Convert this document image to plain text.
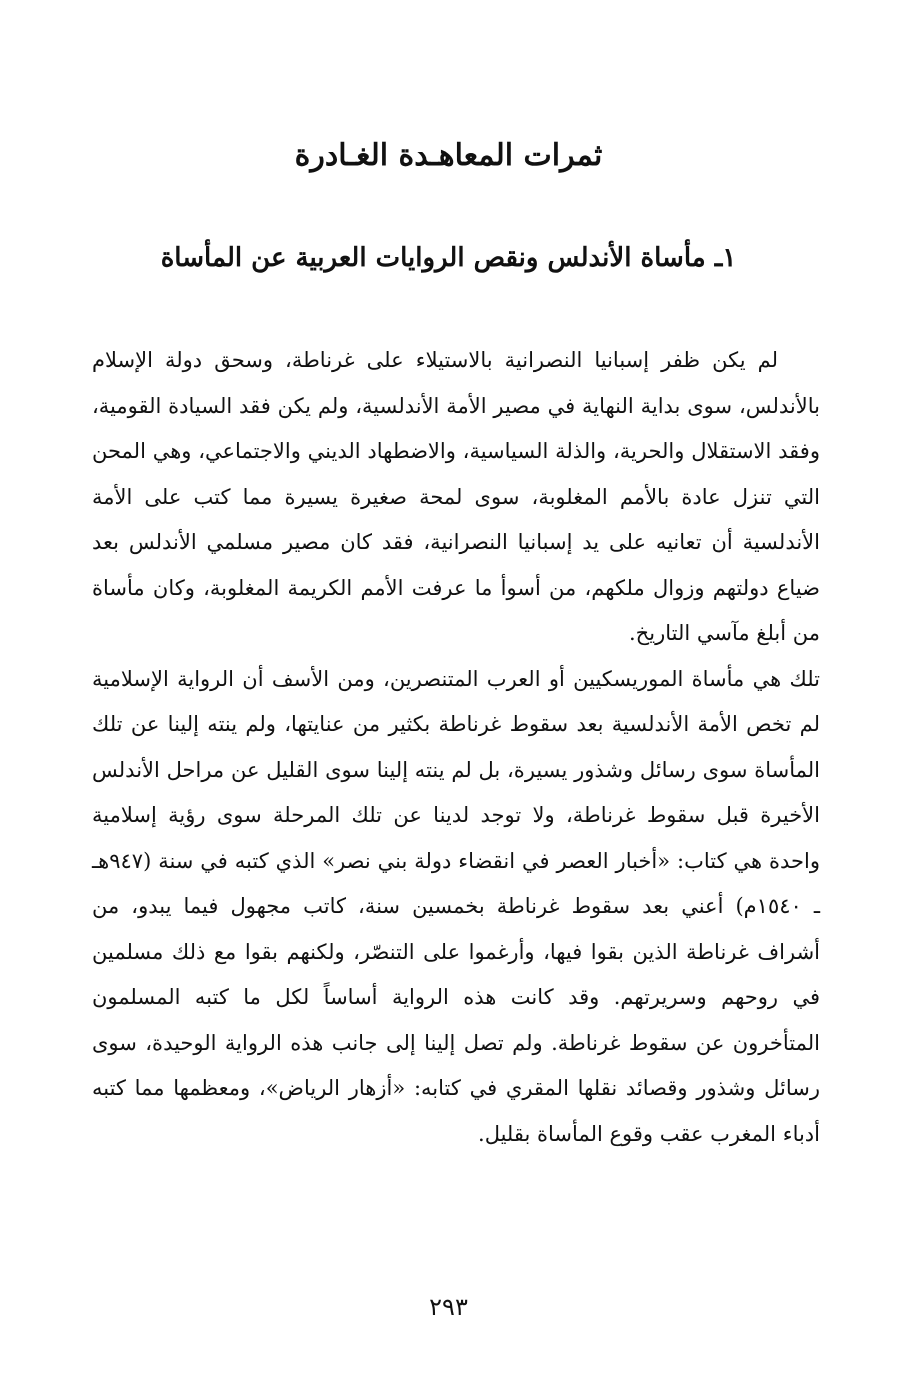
ثمرات المعاهـدة الغـادرة
١ـ مأساة الأندلس ونقص الروايات العربية عن المأساة

لم يكن ظفر إسبانيا النصرانية بالاستيلاء على غرناطة، وسحق دولة الإسلام بالأندلس، سوى بداية النهاية في مصير الأمة الأندلسية، ولم يكن فقد السيادة القومية، وفقد الاستقلال والحرية، والذلة السياسية، والاضطهاد الديني والاجتماعي، وهي المحن التي تنزل عادة بالأمم المغلوبة، سوى لمحة صغيرة يسيرة مما كتب على الأمة الأندلسية أن تعانيه على يد إسبانيا النصرانية، فقد كان مصير مسلمي الأندلس بعد ضياع دولتهم وزوال ملكهم، من أسوأ ما عرفت الأمم الكريمة المغلوبة، وكان مأساة من أبلغ مآسي التاريخ.

تلك هي مأساة الموريسكيين أو العرب المتنصرين، ومن الأسف أن الرواية الإسلامية لم تخص الأمة الأندلسية بعد سقوط غرناطة بكثير من عنايتها، ولم ينته إلينا عن تلك المأساة سوى رسائل وشذور يسيرة، بل لم ينته إلينا سوى القليل عن مراحل الأندلس الأخيرة قبل سقوط غرناطة، ولا توجد لدينا عن تلك المرحلة سوى رؤية إسلامية واحدة هي كتاب: «أخبار العصر في انقضاء دولة بني نصر» الذي كتبه في سنة (٩٤٧هـ ـ ١٥٤٠م) أعني بعد سقوط غرناطة بخمسين سنة، كاتب مجهول فيما يبدو، من أشراف غرناطة الذين بقوا فيها، وأرغموا على التنصّر، ولكنهم بقوا مع ذلك مسلمين في روحهم وسريرتهم. وقد كانت هذه الرواية أساساً لكل ما كتبه المسلمون المتأخرون عن سقوط غرناطة. ولم تصل إلينا إلى جانب هذه الرواية الوحيدة، سوى رسائل وشذور وقصائد نقلها المقري في كتابه: «أزهار الرياض»، ومعظمها مما كتبه أدباء المغرب عقب وقوع المأساة بقليل.

٢٩٣
